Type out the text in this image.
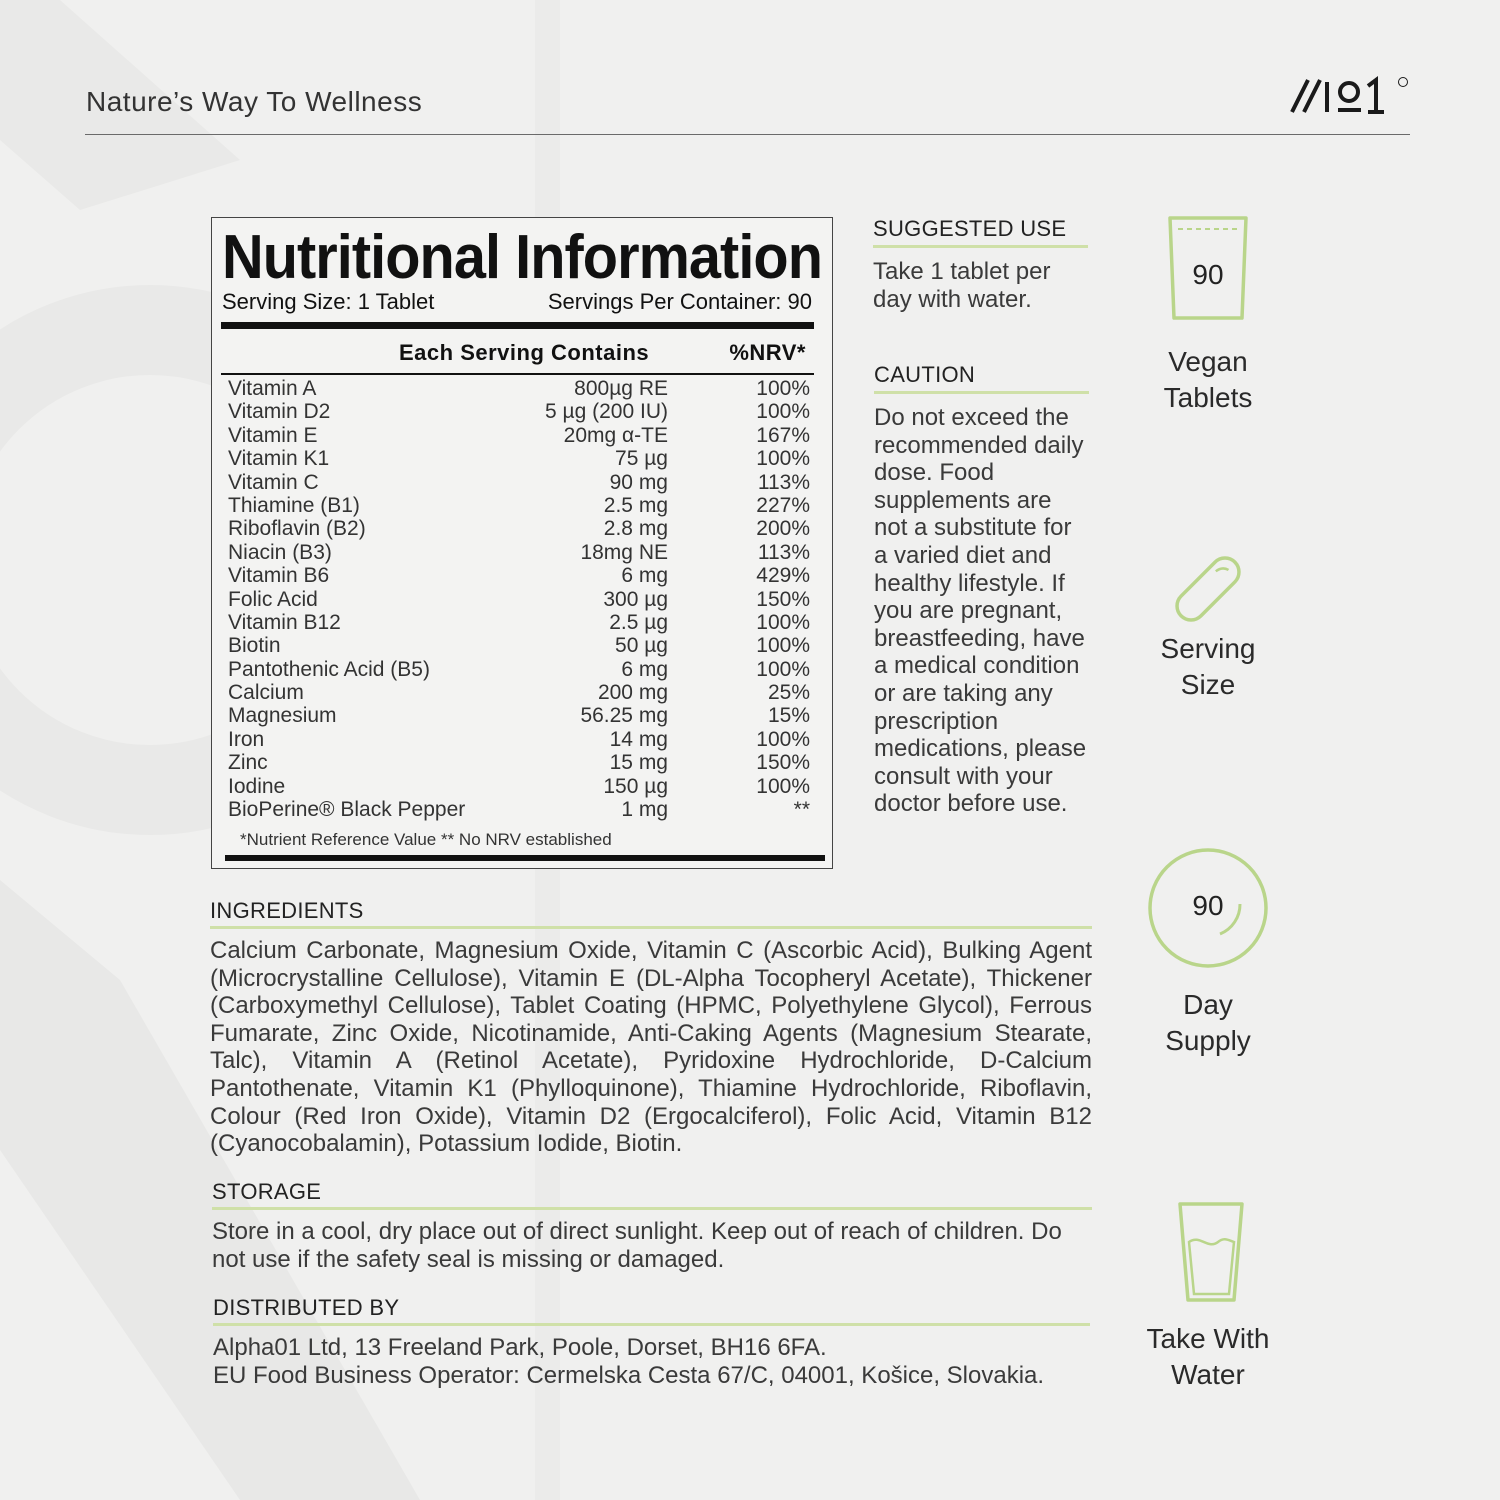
Nature’s Way To Wellness
Nutritional Information
Serving Size: 1 Tablet	Servings Per Container: 90
Each Serving Contains	%NRV*
Vitamin A	800µg RE	100%
Vitamin D2	5 µg (200 IU)	100%
Vitamin E	20mg α-TE	167%
Vitamin K1	75 µg	100%
Vitamin C	90 mg	113%
Thiamine (B1)	2.5 mg	227%
Riboflavin (B2)	2.8 mg	200%
Niacin (B3)	18mg NE	113%
Vitamin B6	6 mg	429%
Folic Acid	300 µg	150%
Vitamin B12	2.5 µg	100%
Biotin	50 µg	100%
Pantothenic Acid (B5)	6 mg	100%
Calcium	200 mg	25%
Magnesium	56.25 mg	15%
Iron	14 mg	100%
Zinc	15 mg	150%
Iodine	150 µg	100%
BioPerine® Black Pepper	1 mg	**
*Nutrient Reference Value ** No NRV established
SUGGESTED USE
Take 1 tablet per day with water.
CAUTION
Do not exceed the recommended daily dose. Food supplements are not a substitute for a varied diet and healthy lifestyle. If you are pregnant, breastfeeding, have a medical condition or are taking any prescription medications, please consult with your doctor before use.
INGREDIENTS
Calcium Carbonate, Magnesium Oxide, Vitamin C (Ascorbic Acid), Bulking Agent (Microcrystalline Cellulose), Vitamin E (DL-Alpha Tocopheryl Acetate), Thickener (Carboxymethyl Cellulose), Tablet Coating (HPMC, Polyethylene Glycol), Ferrous Fumarate, Zinc Oxide, Nicotinamide, Anti-Caking Agents (Magnesium Stearate, Talc), Vitamin A (Retinol Acetate), Pyridoxine Hydrochloride, D-Calcium Pantothenate, Vitamin K1 (Phylloquinone), Thiamine Hydrochloride, Riboflavin, Colour (Red Iron Oxide), Vitamin D2 (Ergocalciferol), Folic Acid, Vitamin B12 (Cyanocobalamin), Potassium Iodide, Biotin.
STORAGE
Store in a cool, dry place out of direct sunlight. Keep out of reach of children. Do not use if the safety seal is missing or damaged.
DISTRIBUTED BY
Alpha01 Ltd, 13 Freeland Park, Poole, Dorset, BH16 6FA.
EU Food Business Operator: Cermelska Cesta 67/C, 04001, Košice, Slovakia.
90
Vegan
Tablets
Serving
Size
90
Day
Supply
Take With
Water
